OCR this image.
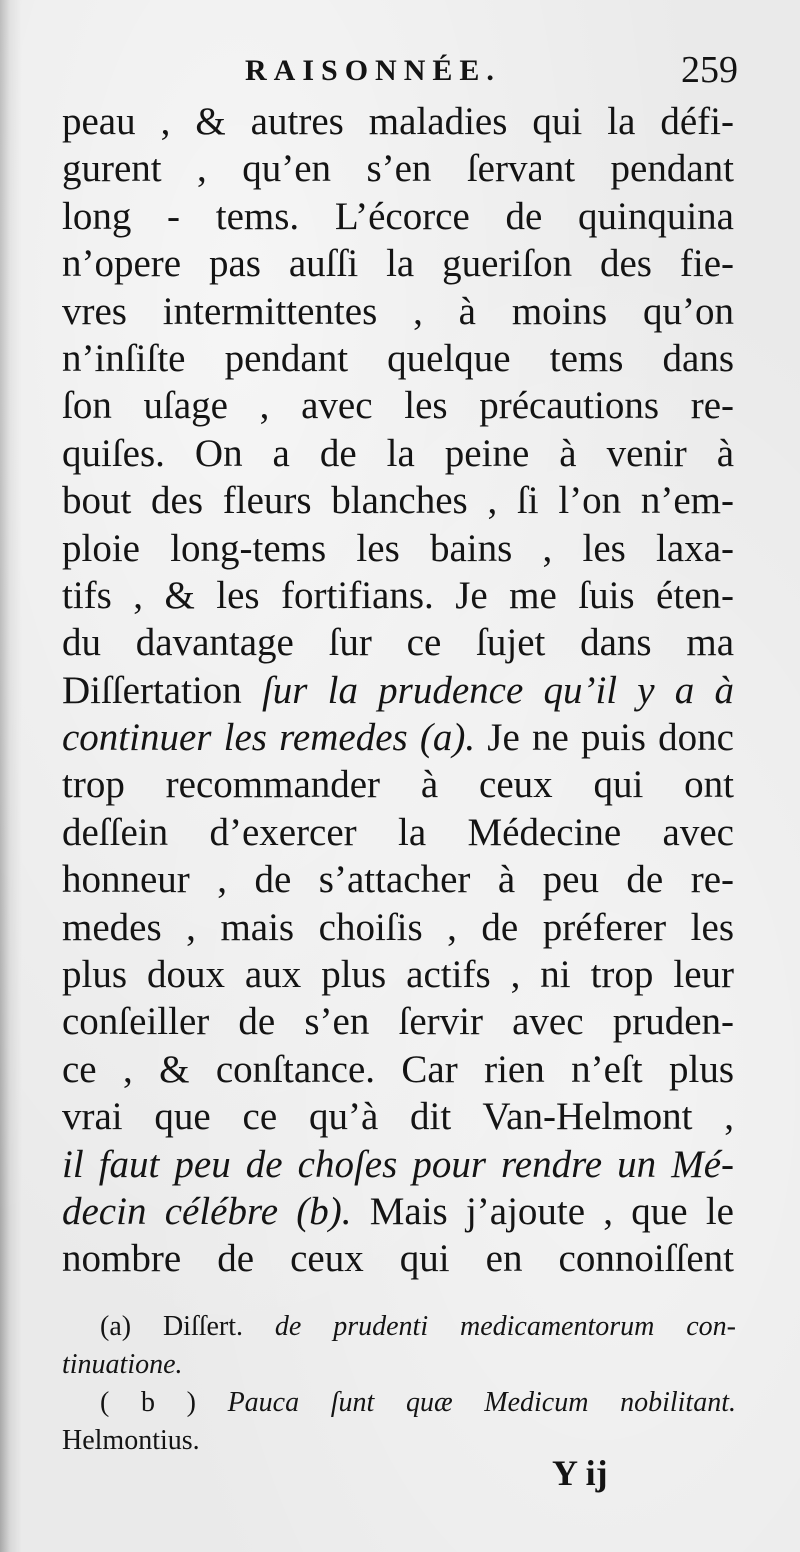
RAISONNÉE.	259
peau , & autres maladies qui la défi-
gurent , qu’en s’en ſervant pendant
long - tems. L’écorce de quinquina
n’opere pas auſſi la gueriſon des fie-
vres intermittentes , à moins qu’on
n’inſiſte pendant quelque tems dans
ſon uſage , avec les précautions re-
quiſes. On a de la peine à venir à
bout des fleurs blanches , ſi l’on n’em-
ploie long-tems les bains , les laxa-
tifs , & les fortifians. Je me ſuis éten-
du davantage ſur ce ſujet dans ma
Diſſertation ſur la prudence qu’il y a à
continuer les remedes (a). Je ne puis donc
trop recommander à ceux qui ont
deſſein d’exercer la Médecine avec
honneur , de s’attacher à peu de re-
medes , mais choiſis , de préferer les
plus doux aux plus actifs , ni trop leur
conſeiller de s’en ſervir avec pruden-
ce , & conſtance. Car rien n’eſt plus
vrai que ce qu’à dit Van-Helmont ,
il faut peu de choſes pour rendre un Mé-
decin célébre (b). Mais j’ajoute , que le
nombre de ceux qui en connoiſſent
(a) Diſſert. de prudenti medicamentorum con-
tinuatione.
( b ) Pauca ſunt quæ Medicum nobilitant.
Helmontius.
Y ij
